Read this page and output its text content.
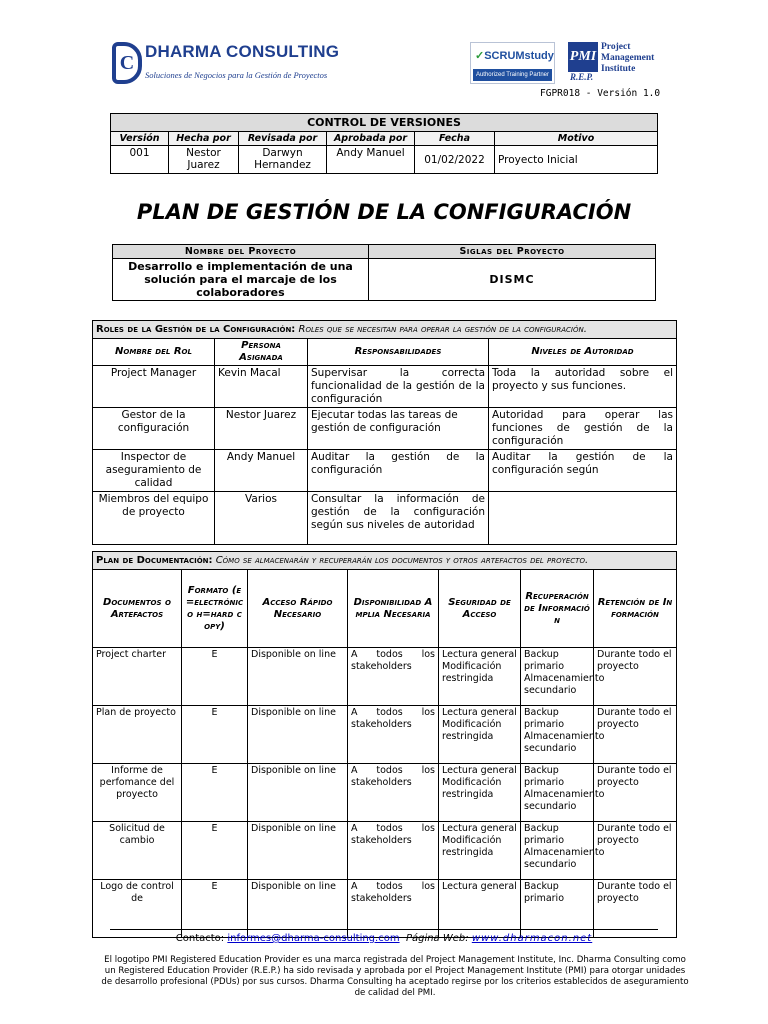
C DHARMA CONSULTING
Soluciones de Negocios para la Gestión de Proyectos
✓SCRUMstudy
Authorized Training Partner
PMI
R.E.P.
Project
Management
Institute
FGPR018 - Versión 1.0
CONTROL DE VERSIONES					
Versión	Hecha por	Revisada por	Aprobada por	Fecha	Motivo
001	Nestor Juarez	Darwyn Hernandez	Andy Manuel	01/02/2022	Proyecto Inicial
PLAN DE GESTIÓN DE LA CONFIGURACIÓN
Nombre del Proyecto	Siglas del Proyecto
Desarrollo e implementación de una solución para el marcaje de los colaboradores	DISMC
Roles de la Gestión de la Configuración: Roles que se necesitan para operar la gestión de la configuración.			
Nombre del Rol	Persona Asignada	Responsabilidades	Niveles de Autoridad
Project Manager	Kevin Macal	Supervisar la correcta funcionalidad de la gestión de la configuración	Toda la autoridad sobre el proyecto y sus funciones.
Gestor de la configuración	Nestor Juarez	Ejecutar todas las tareas de gestión de configuración	Autoridad para operar las funciones de gestión de la configuración
Inspector de aseguramiento de calidad	Andy Manuel	Auditar la gestión de la configuración	Auditar la gestión de la configuración según
Miembros del equipo de proyecto	Varios	Consultar la información de gestión de la configuración según sus niveles de autoridad	
Plan de Documentación: Cómo se almacenarán y recuperarán los documentos y otros artefactos del proyecto.						
Documentos o Artefactos	Formato (e=electrónico h=hard copy)	Acceso Rápido Necesario	Disponibilidad Amplia Necesaria	Seguridad de Acceso	Recuperación de Información	Retención de Información
Project charter	E	Disponible on line	A todos los stakeholders	Lectura general Modificación restringida	Backup primario Almacenamiento secundario	Durante todo el proyecto
Plan de proyecto	E	Disponible on line	A todos los stakeholders	Lectura general Modificación restringida	Backup primario Almacenamiento secundario	Durante todo el proyecto
Informe de perfomance del proyecto	E	Disponible on line	A todos los stakeholders	Lectura general Modificación restringida	Backup primario Almacenamiento secundario	Durante todo el proyecto
Solicitud de cambio	E	Disponible on line	A todos los stakeholders	Lectura general Modificación restringida	Backup primario Almacenamiento secundario	Durante todo el proyecto
Logo de control de	E	Disponible on line	A todos los stakeholders	Lectura general	Backup primario	Durante todo el proyecto
Contacto: informes@dharma-consulting.com Página Web: www.dharmacon.net
El logotipo PMI Registered Education Provider es una marca registrada del Project Management Institute, Inc. Dharma Consulting como un Registered Education Provider (R.E.P.) ha sido revisada y aprobada por el Project Management Institute (PMI) para otorgar unidades de desarrollo profesional (PDUs) por sus cursos. Dharma Consulting ha aceptado regirse por los criterios establecidos de aseguramiento de calidad del PMI.
